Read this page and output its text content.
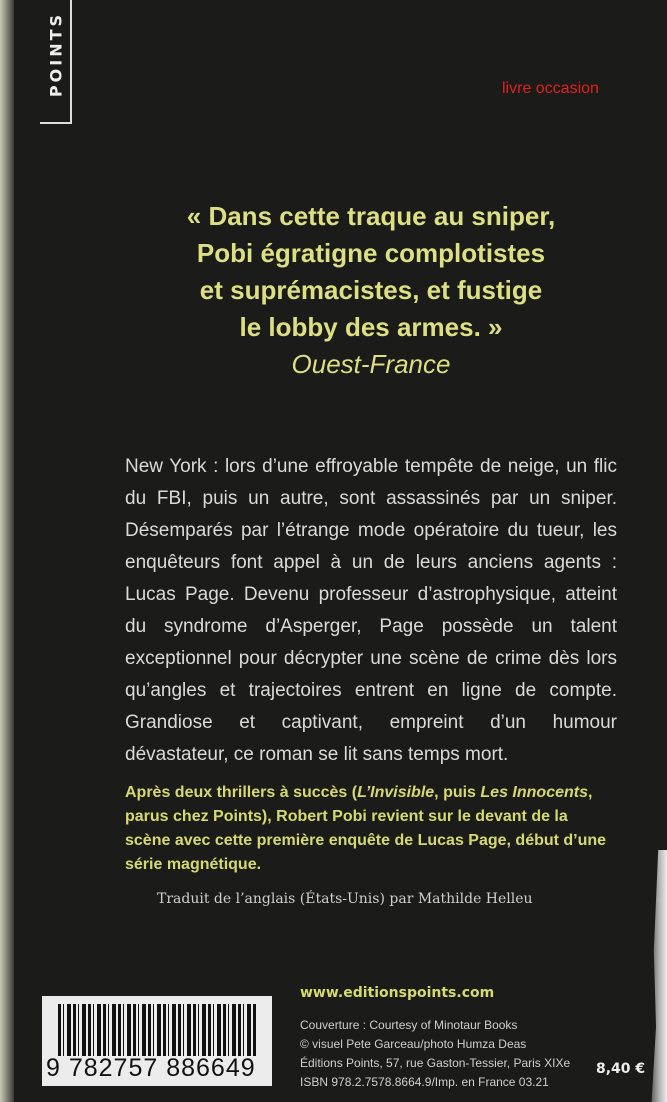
POINTS	livre occasion
« Dans cette traque au sniper,
Pobi égratigne complotistes
et suprémacistes, et fustige
le lobby des armes. »
Ouest-France
New York : lors d’une effroyable tempête de neige, un flic du FBI, puis un autre, sont assassinés par un sniper. Désemparés par l’étrange mode opératoire du tueur, les enquêteurs font appel à un de leurs anciens agents : Lucas Page. Devenu professeur d’astrophysique, atteint du syndrome d’Asperger, Page possède un talent exceptionnel pour décrypter une scène de crime dès lors qu’angles et trajectoires entrent en ligne de compte. Grandiose et captivant, empreint d’un humour dévastateur, ce roman se lit sans temps mort.
Après deux thrillers à succès (L’Invisible, puis Les Innocents, parus chez Points), Robert Pobi revient sur le devant de la scène avec cette première enquête de Lucas Page, début d’une série magnétique.
Traduit de l’anglais (États-Unis) par Mathilde Helleu
9 782757 886649
www.editionspoints.com
Couverture : Courtesy of Minotaur Books
© visuel Pete Garceau/photo Humza Deas
Éditions Points, 57, rue Gaston-Tessier, Paris XIXe
ISBN 978.2.7578.8664.9/Imp. en France 03.21
8,40 €
